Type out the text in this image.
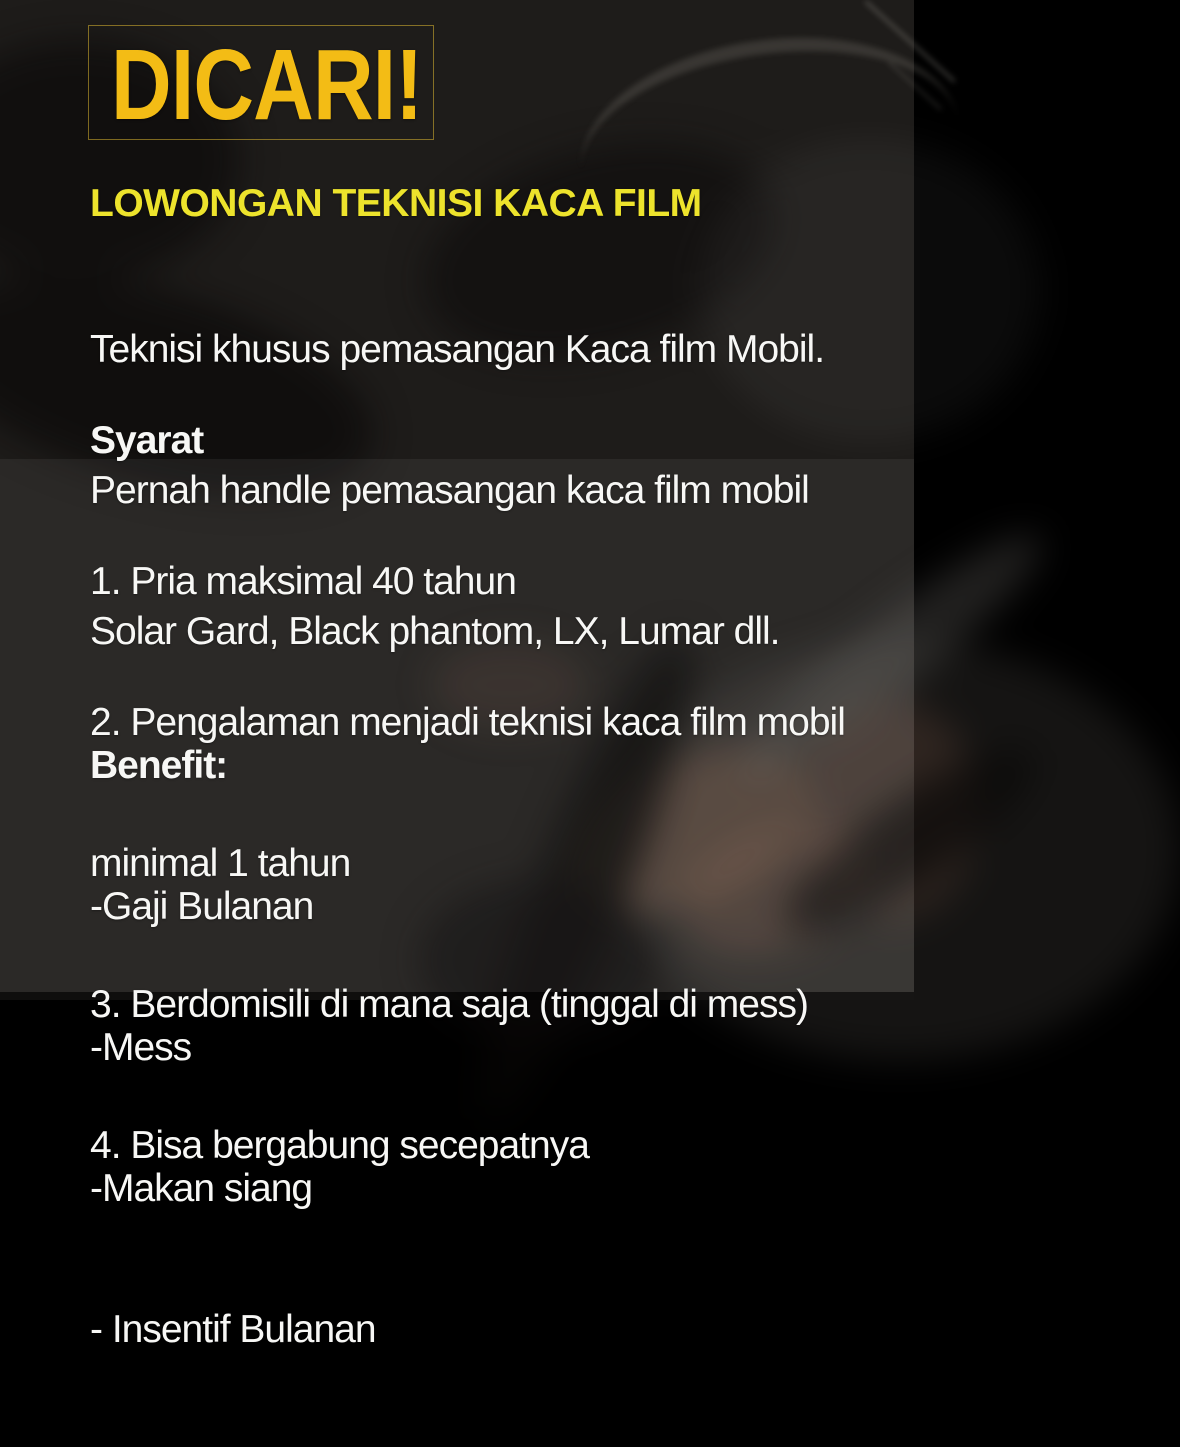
DICARI!
LOWONGAN TEKNISI KACA FILM

Teknisi khusus pemasangan Kaca film Mobil.

Pernah handle pemasangan kaca film mobil

Solar Gard, Black phantom, LX, Lumar dll.

Syarat

1. Pria maksimal 40 tahun

2. Pengalaman menjadi teknisi kaca film mobil

minimal 1 tahun

3. Berdomisili di mana saja (tinggal di mess)

4. Bisa bergabung secepatnya

Benefit:

-Gaji Bulanan

-Mess

-Makan siang

- Insentif Bulanan
